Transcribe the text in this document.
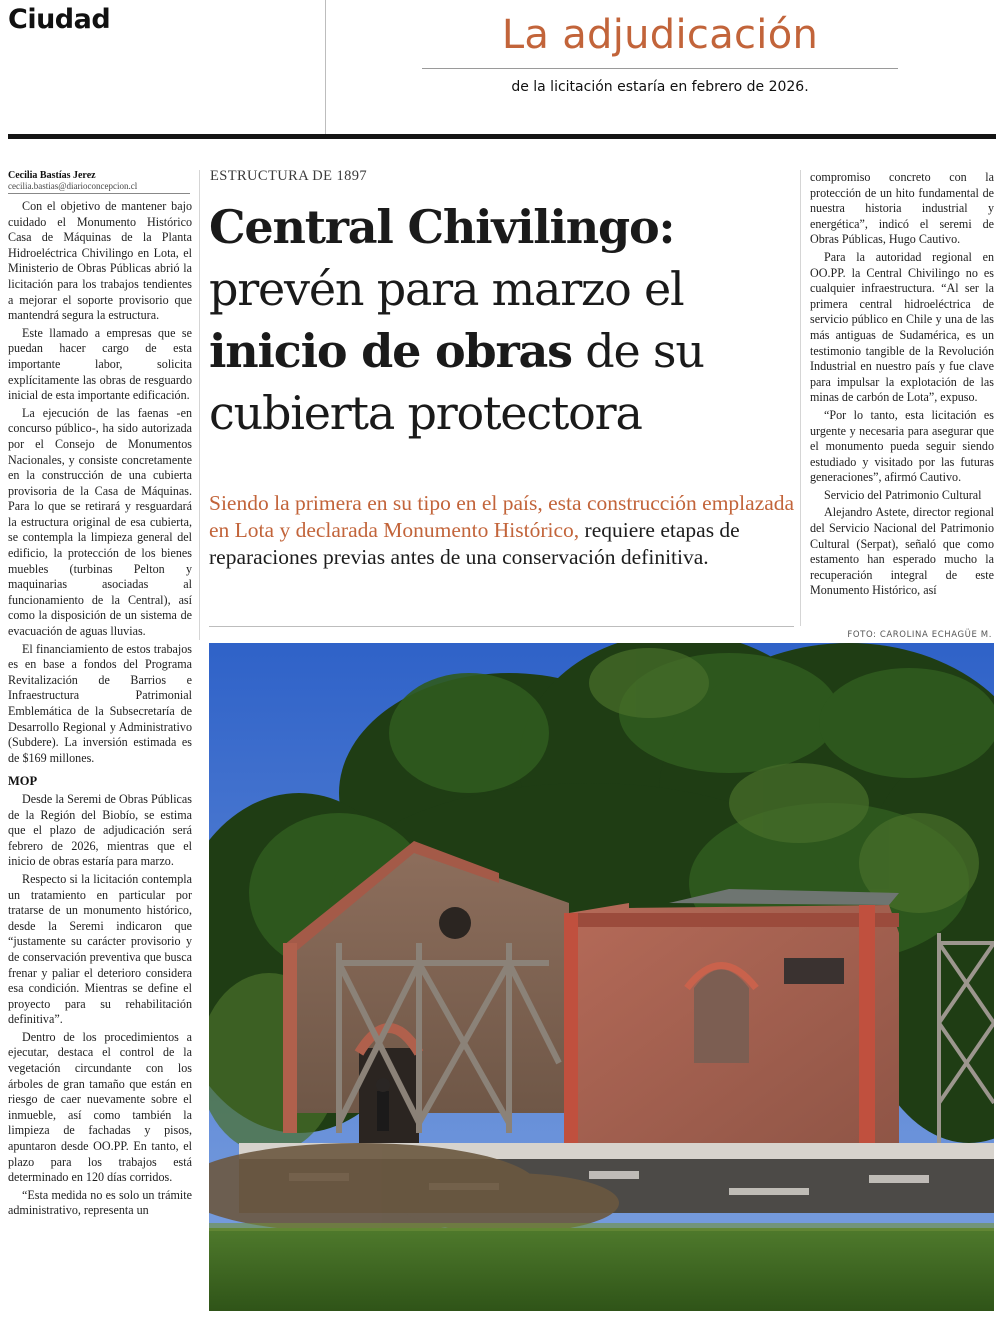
Ciudad	La adjudicación
de la licitación estaría en febrero de 2026.
Cecilia Bastías Jerez
cecilia.bastias@diarioconcepcion.cl

Con el objetivo de mantener bajo cuidado el Monumento Histórico Casa de Máquinas de la Planta Hidroeléctrica Chivilingo en Lota, el Ministerio de Obras Públicas abrió la licitación para los trabajos tendientes a mejorar el soporte provisorio que mantendrá segura la estructura.

Este llamado a empresas que se puedan hacer cargo de esta importante labor, solicita explícitamente las obras de resguardo inicial de esta importante edificación.

La ejecución de las faenas -en concurso público-, ha sido autorizada por el Consejo de Monumentos Nacionales, y consiste concretamente en la construcción de una cubierta provisoria de la Casa de Máquinas. Para lo que se retirará y resguardará la estructura original de esa cubierta, se contempla la limpieza general del edificio, la protección de los bienes muebles (turbinas Pelton y maquinarias asociadas al funcionamiento de la Central), así como la disposición de un sistema de evacuación de aguas lluvias.

El financiamiento de estos trabajos es en base a fondos del Programa Revitalización de Barrios e Infraestructura Patrimonial Emblemática de la Subsecretaría de Desarrollo Regional y Administrativo (Subdere). La inversión estimada es de $169 millones.

MOP

Desde la Seremi de Obras Públicas de la Región del Biobío, se estima que el plazo de adjudicación será febrero de 2026, mientras que el inicio de obras estaría para marzo.

Respecto si la licitación contempla un tratamiento en particular por tratarse de un monumento histórico, desde la Seremi indicaron que “justamente su carácter provisorio y de conservación preventiva que busca frenar y paliar el deterioro considera esa condición. Mientras se define el proyecto para su rehabilitación definitiva”.

Dentro de los procedimientos a ejecutar, destaca el control de la vegetación circundante con los árboles de gran tamaño que están en riesgo de caer nuevamente sobre el inmueble, así como también la limpieza de fachadas y pisos, apuntaron desde OO.PP. En tanto, el plazo para los trabajos está determinado en 120 días corridos.

“Esta medida no es solo un trámite administrativo, representa un

ESTRUCTURA DE 1897
Central Chivilingo:
prevén para marzo el
inicio de obras de su
cubierta protectora
Siendo la primera en su tipo en el país, esta construcción emplazada en Lota y declarada Monumento Histórico, requiere etapas de reparaciones previas antes de una conservación definitiva.

compromiso concreto con la protección de un hito fundamental de nuestra historia industrial y energética”, indicó el seremi de Obras Públicas, Hugo Cautivo.

Para la autoridad regional en OO.PP. la Central Chivilingo no es cualquier infraestructura. “Al ser la primera central hidroeléctrica de servicio público en Chile y una de las más antiguas de Sudamérica, es un testimonio tangible de la Revolución Industrial en nuestro país y fue clave para impulsar la explotación de las minas de carbón de Lota”, expuso.

“Por lo tanto, esta licitación es urgente y necesaria para asegurar que el monumento pueda seguir siendo estudiado y visitado por las futuras generaciones”, afirmó Cautivo.

Servicio del Patrimonio Cultural

Alejandro Astete, director regional del Servicio Nacional del Patrimonio Cultural (Serpat), señaló que como estamento han esperado mucho la recuperación integral de este Monumento Histórico, así

FOTO: CAROLINA ECHAGÜE M.
